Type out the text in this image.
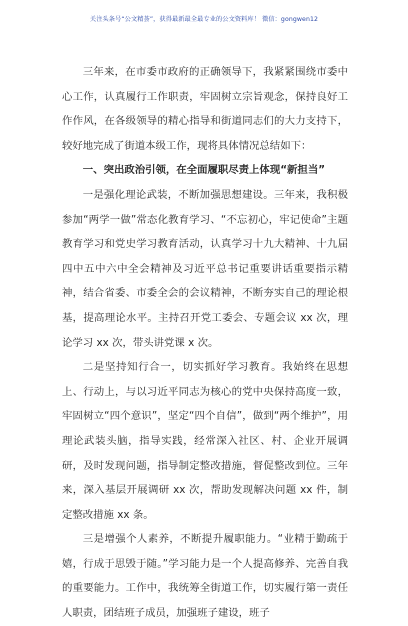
关注头条号“公文精荟”，获得最新最全最专业的公文资料库！ 微信：gongwen12

三年来，在市委市政府的正确领导下，我紧紧围绕市委中心工作，认真履行工作职责，牢固树立宗旨观念，保持良好工作作风，在各级领导的精心指导和街道同志们的大力支持下，较好地完成了街道本级工作，现将具体情况总结如下：

一、突出政治引领，在全面履职尽责上体现“新担当”

一是强化理论武装，不断加强思想建设。三年来，我积极参加“两学一做”常态化教育学习、“不忘初心，牢记使命”主题教育学习和党史学习教育活动，认真学习十九大精神、十九届四中五中六中全会精神及习近平总书记重要讲话重要指示精神，结合省委、市委全会的会议精神，不断夯实自己的理论根基，提高理论水平。主持召开党工委会、专题会议 xx 次，理论学习 xx 次，带头讲党课 x 次。

二是坚持知行合一，切实抓好学习教育。我始终在思想上、行动上，与以习近平同志为核心的党中央保持高度一致，牢固树立“四个意识”，坚定“四个自信”，做到“两个维护”，用理论武装头脑，指导实践，经常深入社区、村、企业开展调研，及时发现问题，指导制定整改措施，督促整改到位。三年来，深入基层开展调研 xx 次，帮助发现解决问题 xx 件，制定整改措施 xx 条。

三是增强个人素养，不断提升履职能力。“业精于勤疏于嬉，行成于思毁于随。”学习能力是一个人提高修养、完善自我的重要能力。工作中，我统筹全街道工作，切实履行第一责任人职责，团结班子成员，加强班子建设，班子
